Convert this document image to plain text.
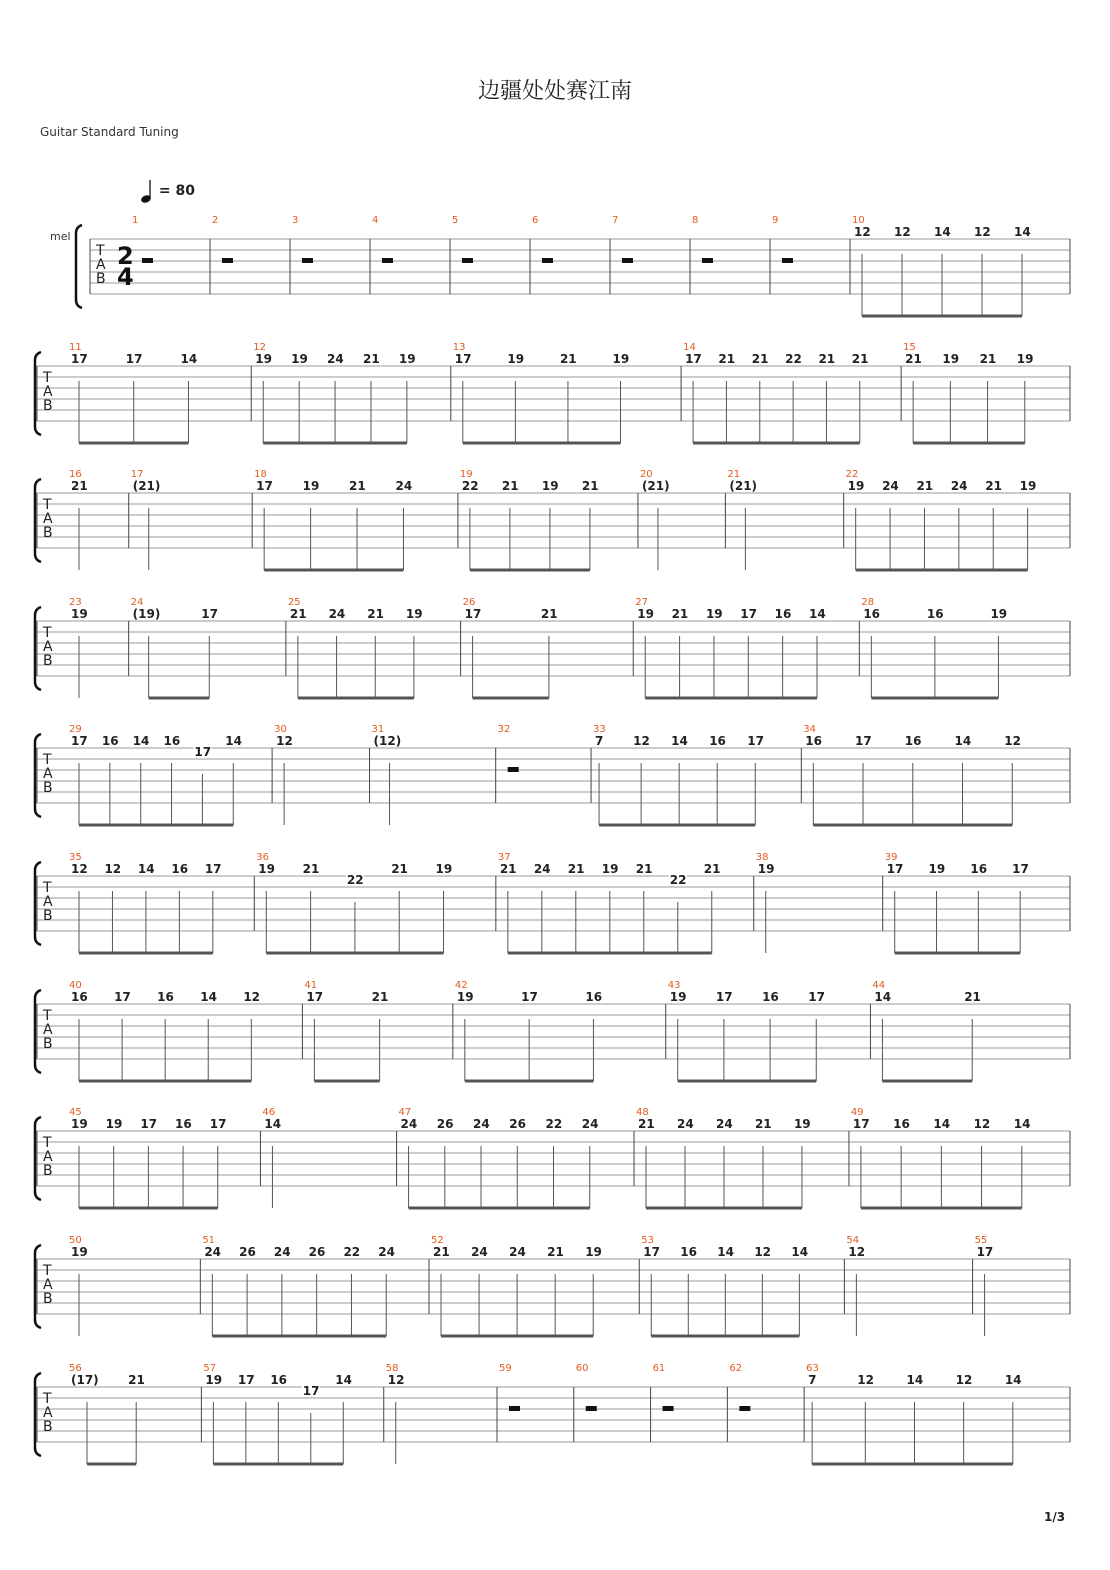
边疆处处赛江南
Guitar Standard Tuning
= 80
mel
1/3
T
A
B
2
4
1	2	3	4	5	6	7	8	9	10
12 12 14 12 14
T
A
B
11
17	17	14
12
19 19 24 21 19
13
17	19	21	19
14
17 21 21 22 21 21
15
21 19 21 19
T
A
B
16
21
17
(21)
18
17 19 21 24
19
22 21 19 21
20
(21)
21
(21)
22
19 24 21 24 21 19
T
A
B
23
19
24
(19)	17
25
21 24 21 19
26
17	21
27
19 21 19 17 16 14
28
16	16	19
T
A
B
29
17 16 14 16
17
14
30
12
31
(12)
32	33
7 12 14 16 17
34
16	17	16	14	12
T
A
B
35
12 12 14 16 17
36
19 21
22
21 19
37
21 24 21 19 21
22
21
38
19
39
17 19 16 17
T
A
B
40
16 17 16 14 12
41
17	21
42
19	17	16
43
19 17 16 17
44
14	21
T
A
B
45
19 19 17 16 17
46
14
47
24 26 24 26 22 24
48
21 24 24 21 19
49
17 16 14 12 14
T
A
B
50
19
51
24 26 24 26 22 24
52
21 24 24 21 19
53
17 16 14 12 14
54
12
55
17
T
A
B
56
(17) 21
57
19 17 16
17
14
58
12
59	60	61	62	63
7	12	14	12	14
